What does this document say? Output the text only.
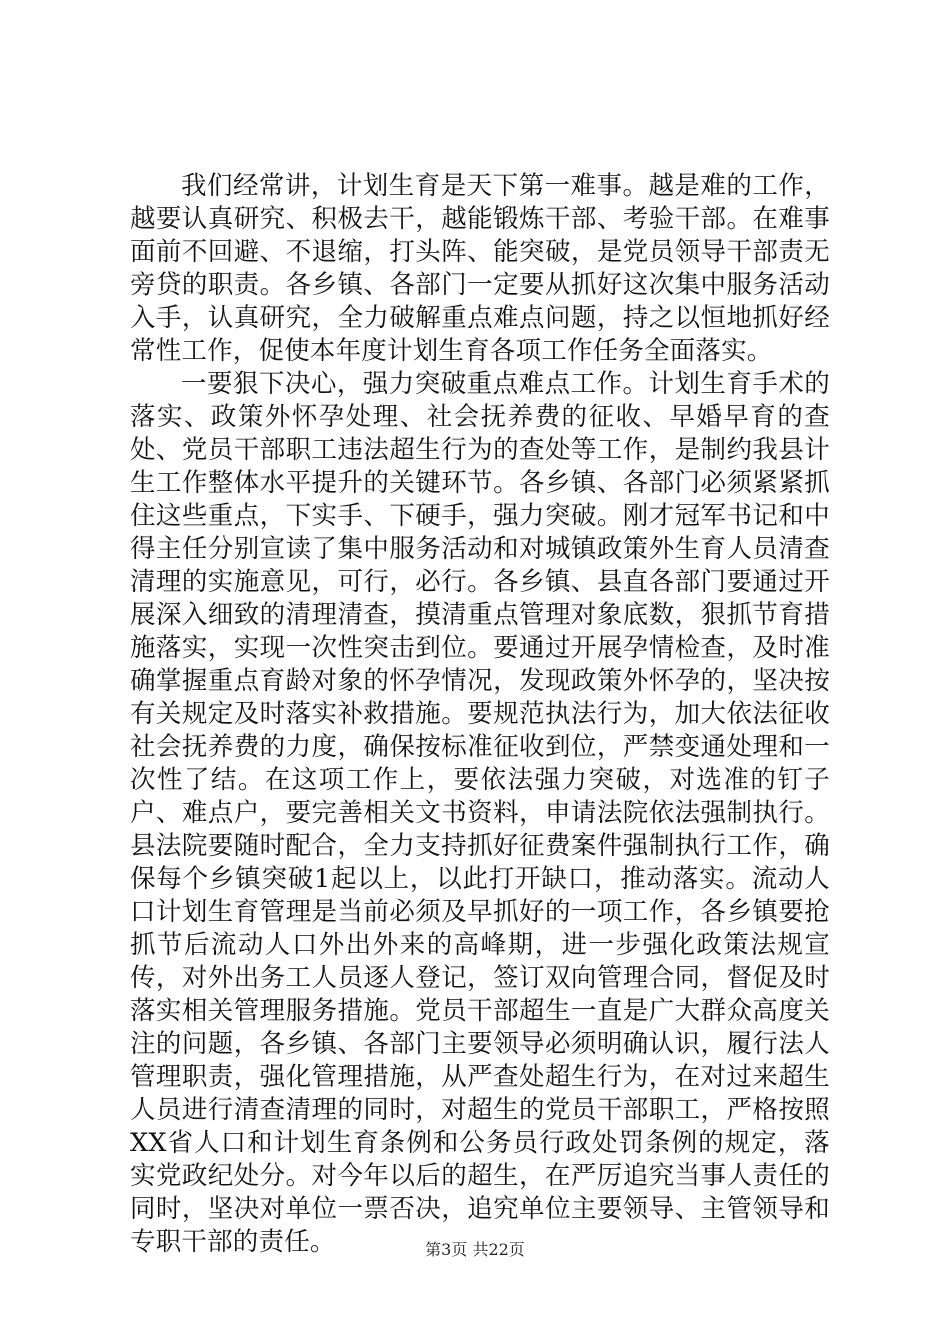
我们经常讲，计划生育是天下第一难事。越是难的工作，越要认真研究、积极去干，越能锻炼干部、考验干部。在难事面前不回避、不退缩，打头阵、能突破，是党员领导干部责无旁贷的职责。各乡镇、各部门一定要从抓好这次集中服务活动入手，认真研究，全力破解重点难点问题，持之以恒地抓好经常性工作，促使本年度计划生育各项工作任务全面落实。

一要狠下决心，强力突破重点难点工作。计划生育手术的落实、政策外怀孕处理、社会抚养费的征收、早婚早育的查处、党员干部职工违法超生行为的查处等工作，是制约我县计生工作整体水平提升的关键环节。各乡镇、各部门必须紧紧抓住这些重点，下实手、下硬手，强力突破。刚才冠军书记和中得主任分别宣读了集中服务活动和对城镇政策外生育人员清查清理的实施意见，可行，必行。各乡镇、县直各部门要通过开展深入细致的清理清查，摸清重点管理对象底数，狠抓节育措施落实，实现一次性突击到位。要通过开展孕情检查，及时准确掌握重点育龄对象的怀孕情况，发现政策外怀孕的，坚决按有关规定及时落实补救措施。要规范执法行为，加大依法征收社会抚养费的力度，确保按标准征收到位，严禁变通处理和一次性了结。在这项工作上，要依法强力突破，对选准的钉子户、难点户，要完善相关文书资料，申请法院依法强制执行。县法院要随时配合，全力支持抓好征费案件强制执行工作，确保每个乡镇突破1起以上，以此打开缺口，推动落实。流动人口计划生育管理是当前必须及早抓好的一项工作，各乡镇要抢抓节后流动人口外出外来的高峰期，进一步强化政策法规宣传，对外出务工人员逐人登记，签订双向管理合同，督促及时落实相关管理服务措施。党员干部超生一直是广大群众高度关注的问题，各乡镇、各部门主要领导必须明确认识，履行法人管理职责，强化管理措施，从严查处超生行为，在对过来超生人员进行清查清理的同时，对超生的党员干部职工，严格按照XX省人口和计划生育条例和公务员行政处罚条例的规定，落实党政纪处分。对今年以后的超生，在严厉追究当事人责任的同时，坚决对单位一票否决，追究单位主要领导、主管领导和专职干部的责任。	第3页 共22页
